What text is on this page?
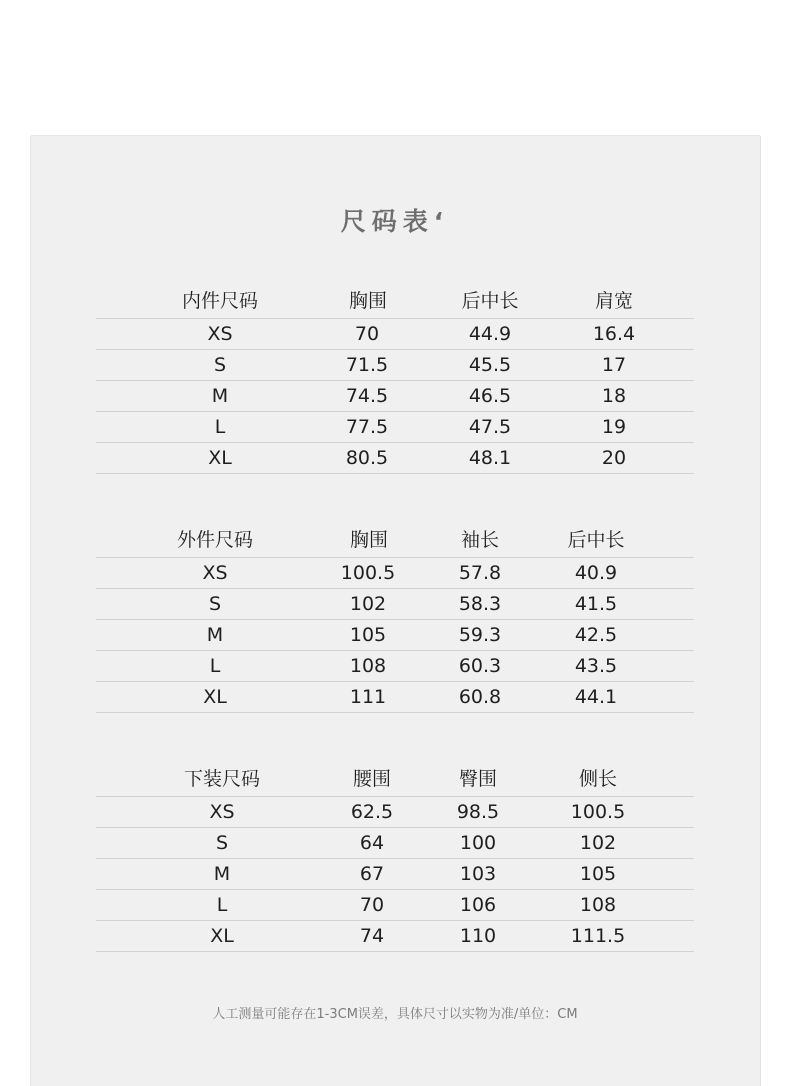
尺码表‘
内件尺码	胸围	后中长	肩宽
XS	70	44.9	16.4
S	71.5	45.5	17
M	74.5	46.5	18
L	77.5	47.5	19
XL	80.5	48.1	20
外件尺码	胸围	袖长	后中长
XS	100.5	57.8	40.9
S	102	58.3	41.5
M	105	59.3	42.5
L	108	60.3	43.5
XL	111	60.8	44.1
下装尺码	腰围	臀围	侧长
XS	62.5	98.5	100.5
S	64	100	102
M	67	103	105
L	70	106	108
XL	74	110	111.5
人工测量可能存在1-3CM误差，具体尺寸以实物为准/单位：CM
